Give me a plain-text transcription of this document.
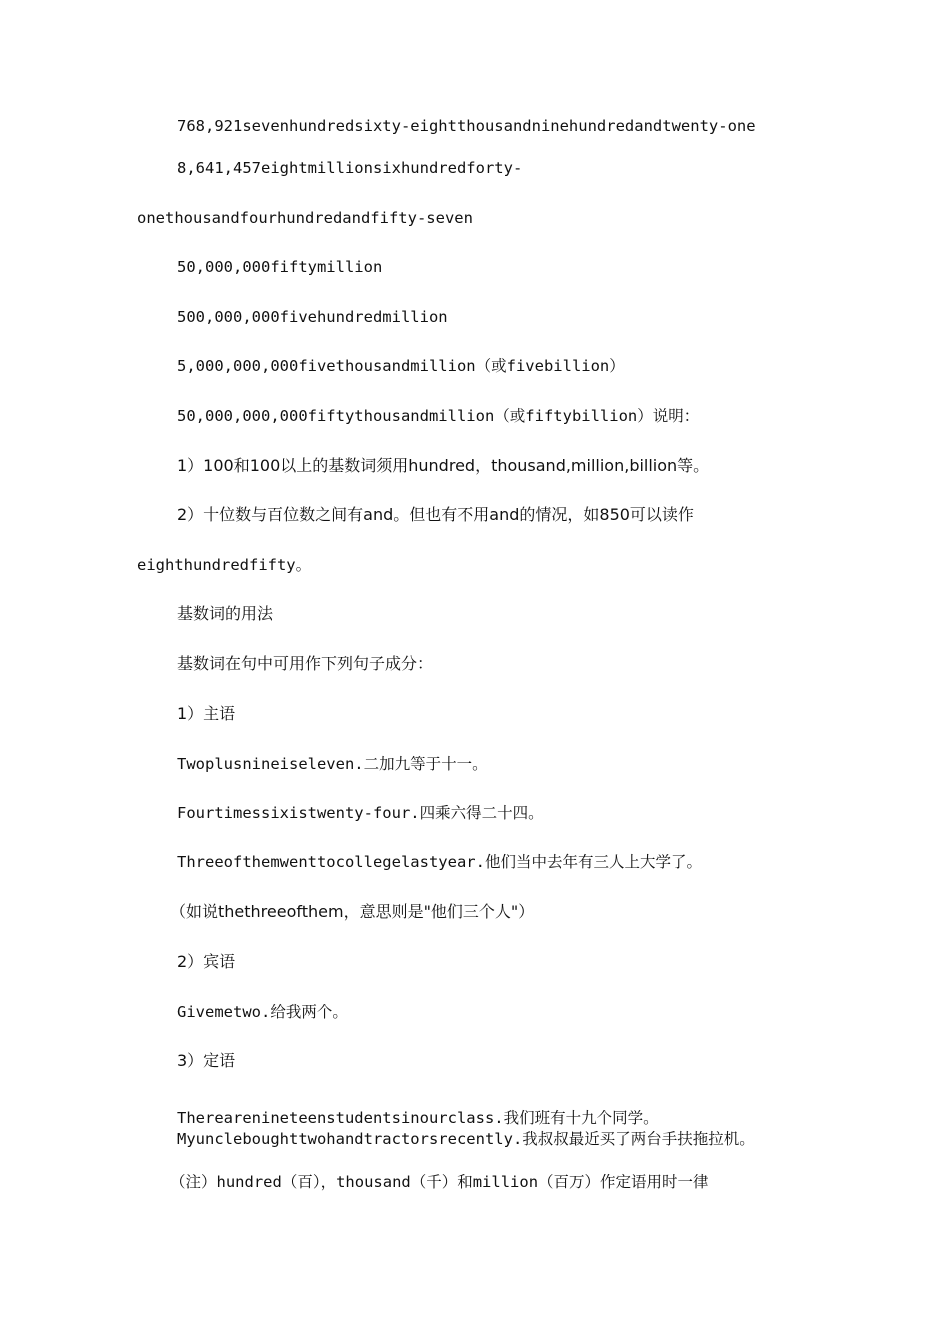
768,921sevenhundredsixty-eightthousandninehundredandtwenty-one
8,641,457eightmillionsixhundredforty-
onethousandfourhundredandfifty-seven
50,000,000fiftymillion
500,000,000fivehundredmillion
5,000,000,000fivethousandmillion（或fivebillion）
50,000,000,000fiftythousandmillion（或fiftybillion）说明：
1）100和100以上的基数词须用hundred，thousand,million,billion等。
2）十位数与百位数之间有and。但也有不用and的情况，如850可以读作
eighthundredfifty。
基数词的用法
基数词在句中可用作下列句子成分：
1）主语
Twoplusnineiseleven.二加九等于十一。
Fourtimessixistwenty-four.四乘六得二十四。
Threeofthemwenttocollegelastyear.他们当中去年有三人上大学了。
（如说thethreeofthem，意思则是"他们三个人"）
2）宾语
Givemetwo.给我两个。
3）定语
Therearenineteenstudentsinourclass.我们班有十九个同学。
Myuncleboughttwohandtractorsrecently.我叔叔最近买了两台手扶拖拉机。
（注）hundred（百），thousand（千）和million（百万）作定语用时一律
